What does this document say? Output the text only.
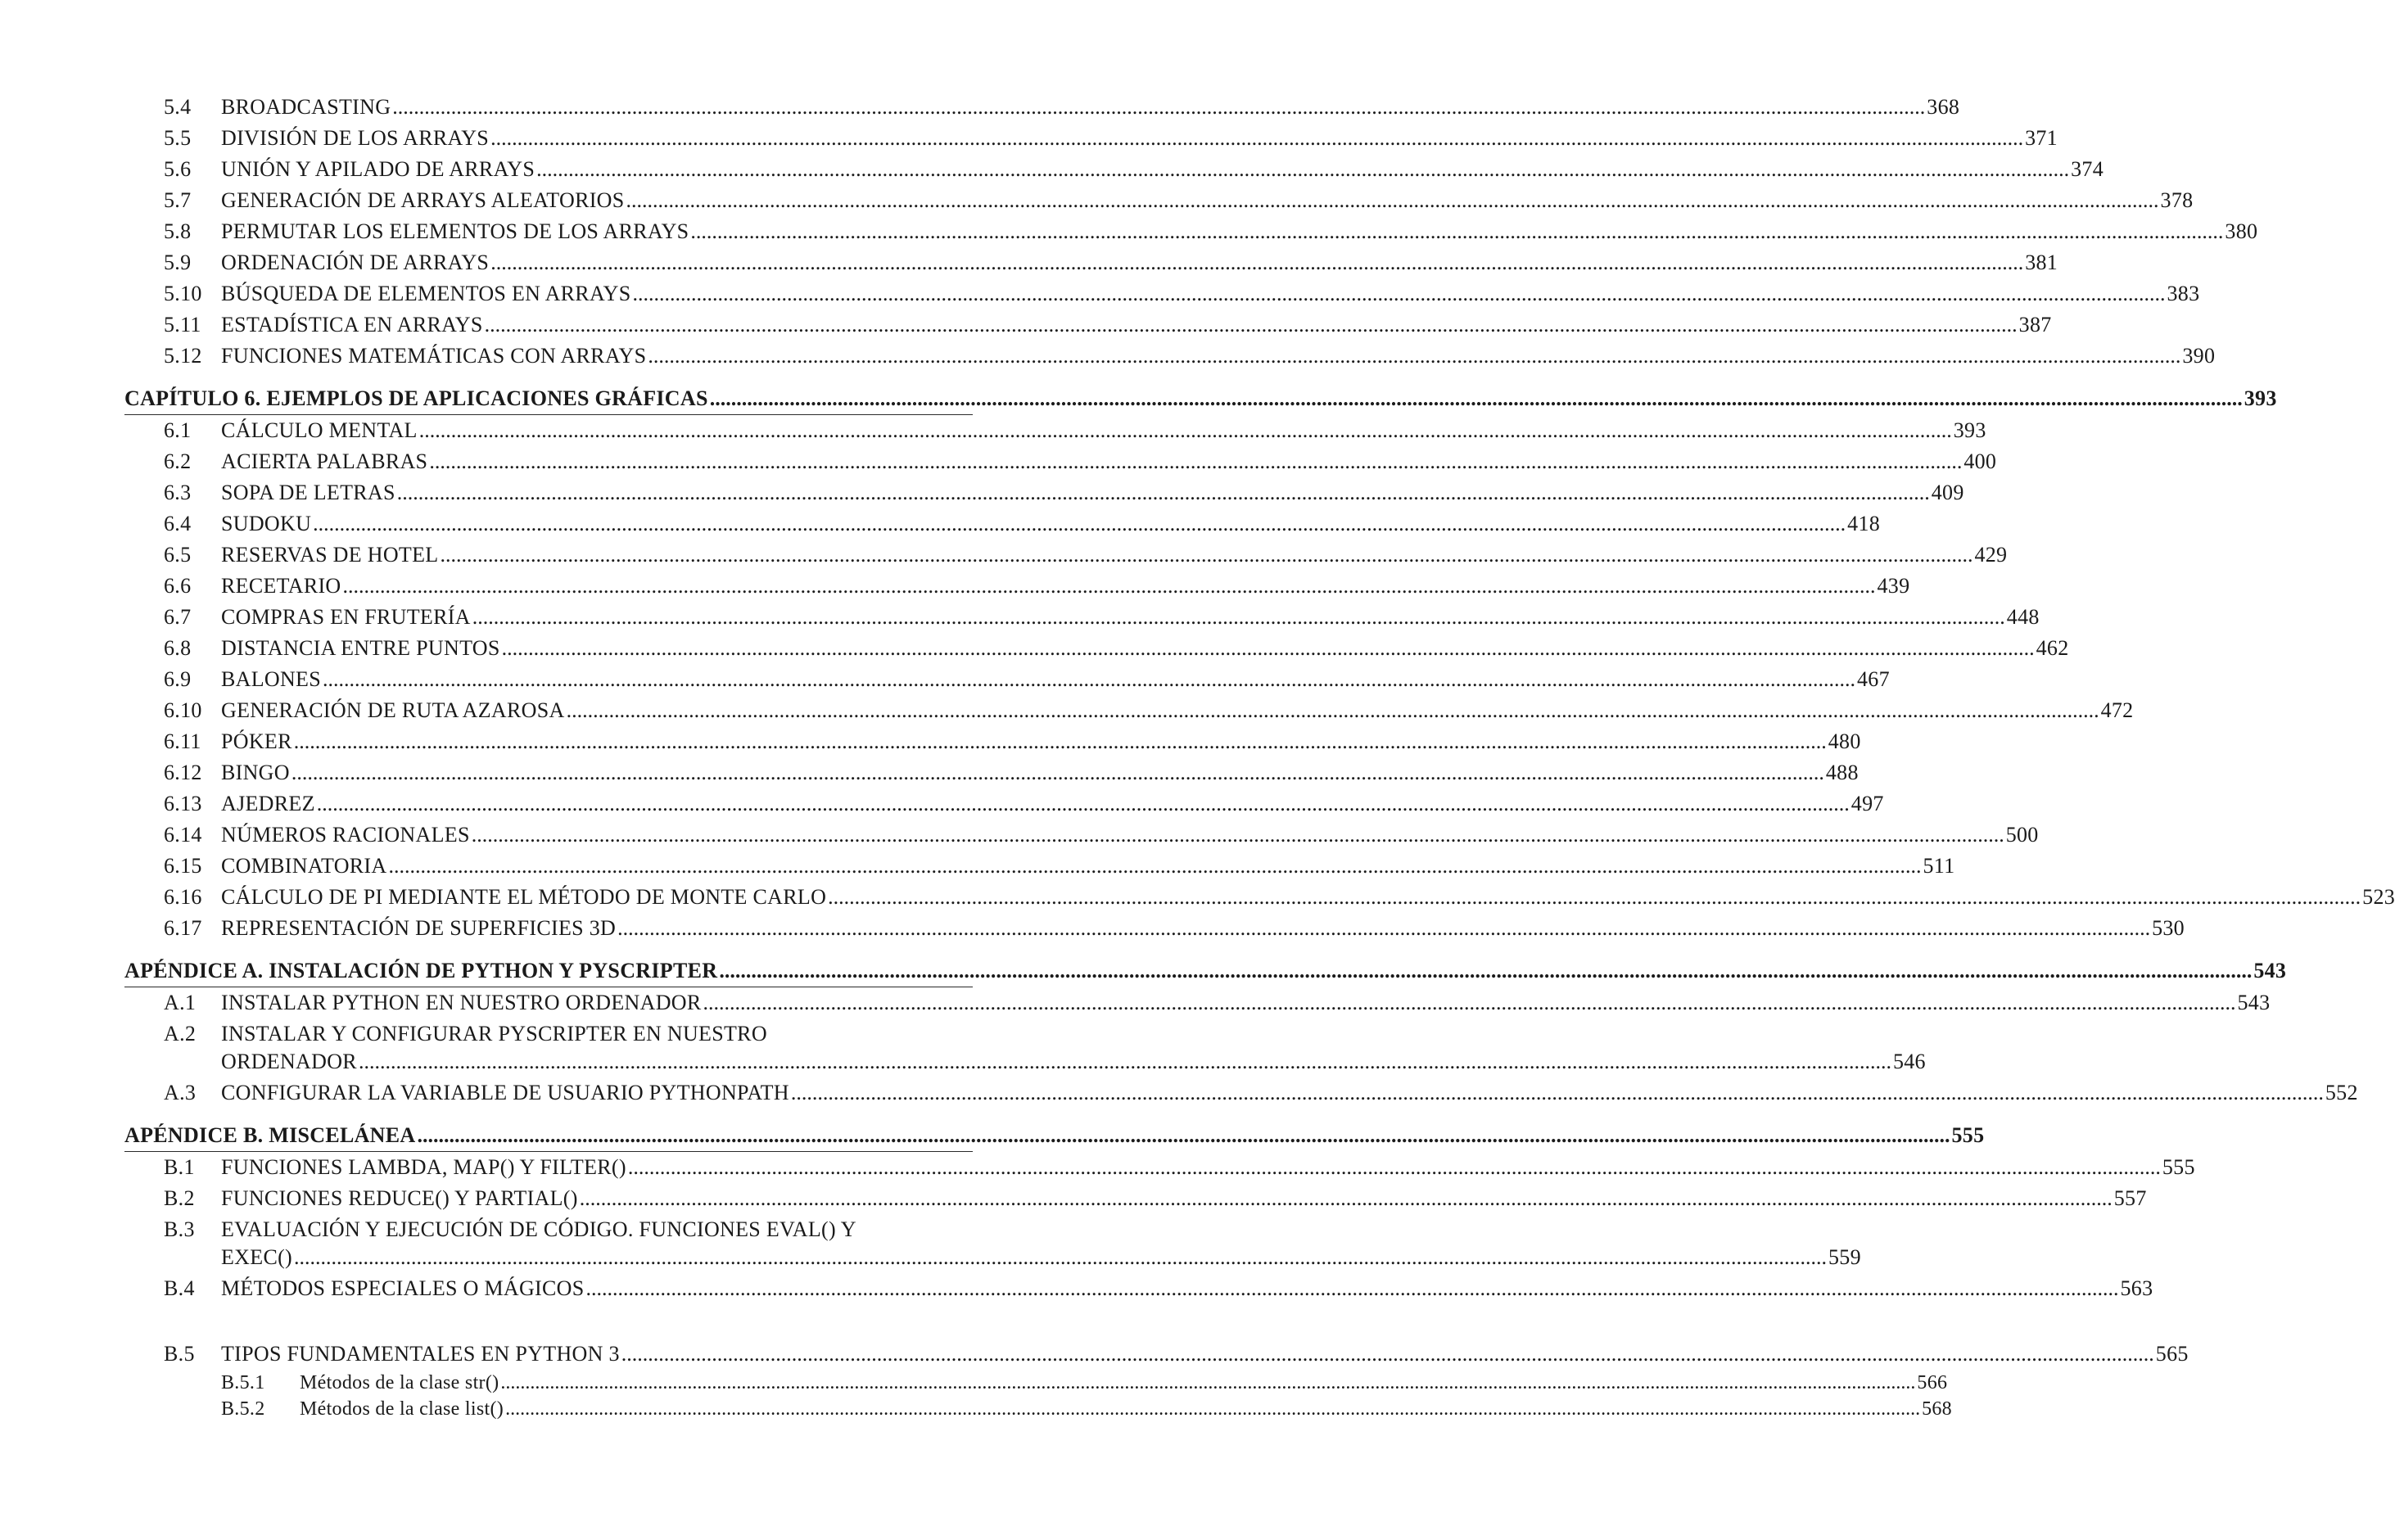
5.4	BROADCASTING .....	368
5.5	DIVISIÓN DE LOS ARRAYS .....	371
5.6	UNIÓN Y APILADO DE ARRAYS .....	374
5.7	GENERACIÓN DE ARRAYS ALEATORIOS .....	378
5.8	PERMUTAR LOS ELEMENTOS DE LOS ARRAYS .....	380
5.9	ORDENACIÓN DE ARRAYS .....	381
5.10 BÚSQUEDA DE ELEMENTOS EN ARRAYS .....	383
5.11 ESTADÍSTICA EN ARRAYS .....	387
5.12 FUNCIONES MATEMÁTICAS CON ARRAYS .....	390
CAPÍTULO 6. EJEMPLOS DE APLICACIONES GRÁFICAS .....	393
6.1	CÁLCULO MENTAL .....	393
6.2	ACIERTA PALABRAS .....	400
6.3	SOPA DE LETRAS .....	409
6.4	SUDOKU .....	418
6.5	RESERVAS DE HOTEL .....	429
6.6	RECETARIO .....	439
6.7	COMPRAS EN FRUTERÍA .....	448
6.8	DISTANCIA ENTRE PUNTOS .....	462
6.9	BALONES .....	467
6.10 GENERACIÓN DE RUTA AZAROSA .....	472
6.11 PÓKER .....	480
6.12 BINGO .....	488
6.13 AJEDREZ .....	497
6.14 NÚMEROS RACIONALES .....	500
6.15 COMBINATORIA .....	511
6.16 CÁLCULO DE PI MEDIANTE EL MÉTODO DE MONTE CARLO .....	523
6.17 REPRESENTACIÓN DE SUPERFICIES 3D .....	530
APÉNDICE A. INSTALACIÓN DE PYTHON Y PYSCRIPTER .....	543
A.1	INSTALAR PYTHON EN NUESTRO ORDENADOR .....	543
A.2	INSTALAR Y CONFIGURAR PYSCRIPTER EN NUESTRO
ORDENADOR .....	546
A.3	CONFIGURAR LA VARIABLE DE USUARIO PYTHONPATH .....	552
APÉNDICE B. MISCELÁNEA .....	555
B.1	FUNCIONES LAMBDA, MAP() Y FILTER() .....	555
B.2	FUNCIONES REDUCE() Y PARTIAL() .....	557
B.3	EVALUACIÓN Y EJECUCIÓN DE CÓDIGO. FUNCIONES EVAL() Y
EXEC() .....	559
B.4	MÉTODOS ESPECIALES O MÁGICOS .....	563
B.5	TIPOS FUNDAMENTALES EN PYTHON 3 .....	565
B.5.1	Métodos de la clase str() .....	566
B.5.2	Métodos de la clase list() .....	568
